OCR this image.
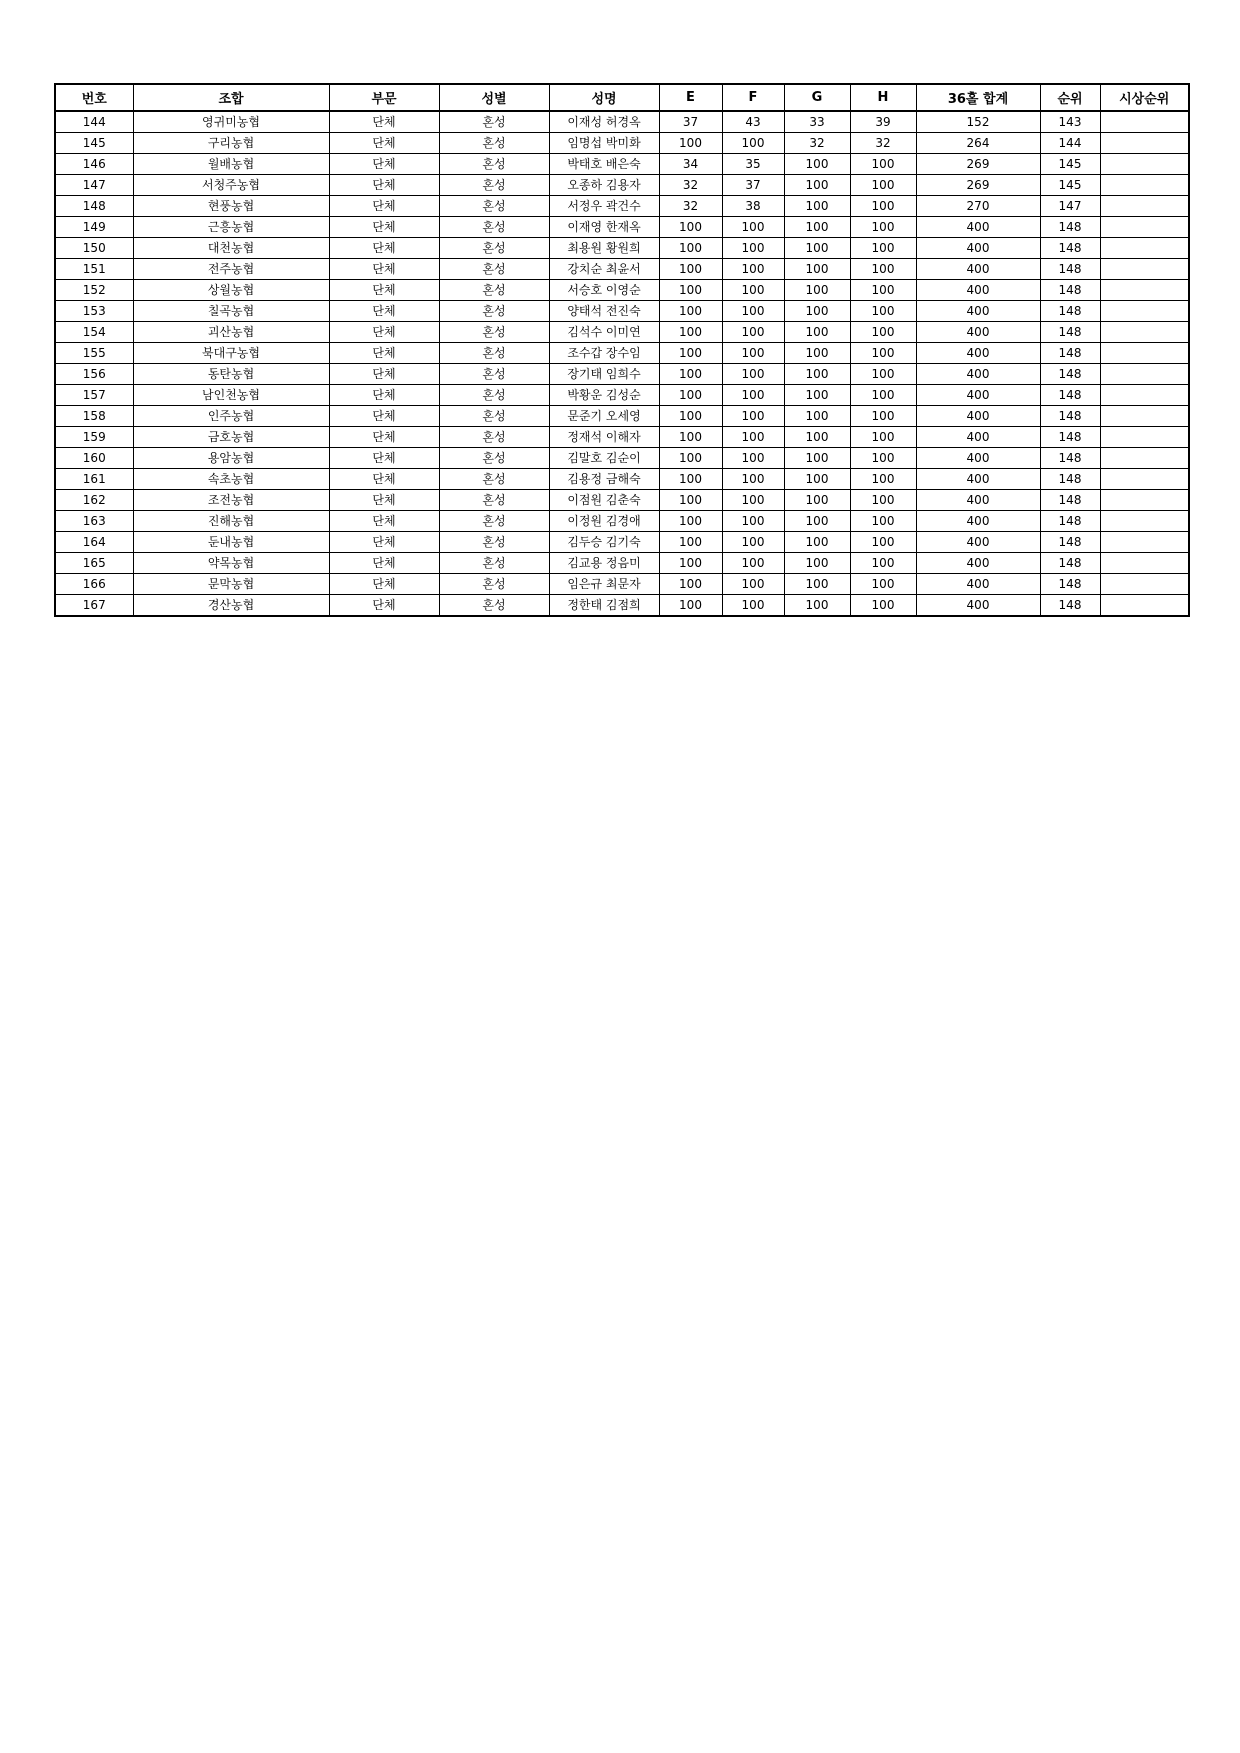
번호	조합	부문	성별	성명	E	F	G	H	36홀 합계	순위	시상순위
144	영귀미농협	단체	혼성	이재성 허경옥	37	43	33	39	152	143	
145	구리농협	단체	혼성	임명섭 박미화	100	100	32	32	264	144	
146	월배농협	단체	혼성	박태호 배은숙	34	35	100	100	269	145	
147	서청주농협	단체	혼성	오종하 김용자	32	37	100	100	269	145	
148	현풍농협	단체	혼성	서정우 곽건수	32	38	100	100	270	147	
149	근흥농협	단체	혼성	이재영 한재옥	100	100	100	100	400	148	
150	대천농협	단체	혼성	최용원 황원희	100	100	100	100	400	148	
151	전주농협	단체	혼성	강치순 최윤서	100	100	100	100	400	148	
152	상월농협	단체	혼성	서승호 이영순	100	100	100	100	400	148	
153	칠곡농협	단체	혼성	양태석 전진숙	100	100	100	100	400	148	
154	괴산농협	단체	혼성	김석수 이미연	100	100	100	100	400	148	
155	북대구농협	단체	혼성	조수갑 장수임	100	100	100	100	400	148	
156	동탄농협	단체	혼성	장기태 임희수	100	100	100	100	400	148	
157	남인천농협	단체	혼성	박황운 김성순	100	100	100	100	400	148	
158	인주농협	단체	혼성	문준기 오세영	100	100	100	100	400	148	
159	금호농협	단체	혼성	정재석 이해자	100	100	100	100	400	148	
160	용암농협	단체	혼성	김말호 김순이	100	100	100	100	400	148	
161	속초농협	단체	혼성	김용정 금해숙	100	100	100	100	400	148	
162	조전농협	단체	혼성	이점원 김춘숙	100	100	100	100	400	148	
163	진해농협	단체	혼성	이정원 김경애	100	100	100	100	400	148	
164	둔내농협	단체	혼성	김두승 김기숙	100	100	100	100	400	148	
165	약목농협	단체	혼성	김교용 정음미	100	100	100	100	400	148	
166	문막농협	단체	혼성	임은규 최문자	100	100	100	100	400	148	
167	경산농협	단체	혼성	정한태 김점희	100	100	100	100	400	148	
